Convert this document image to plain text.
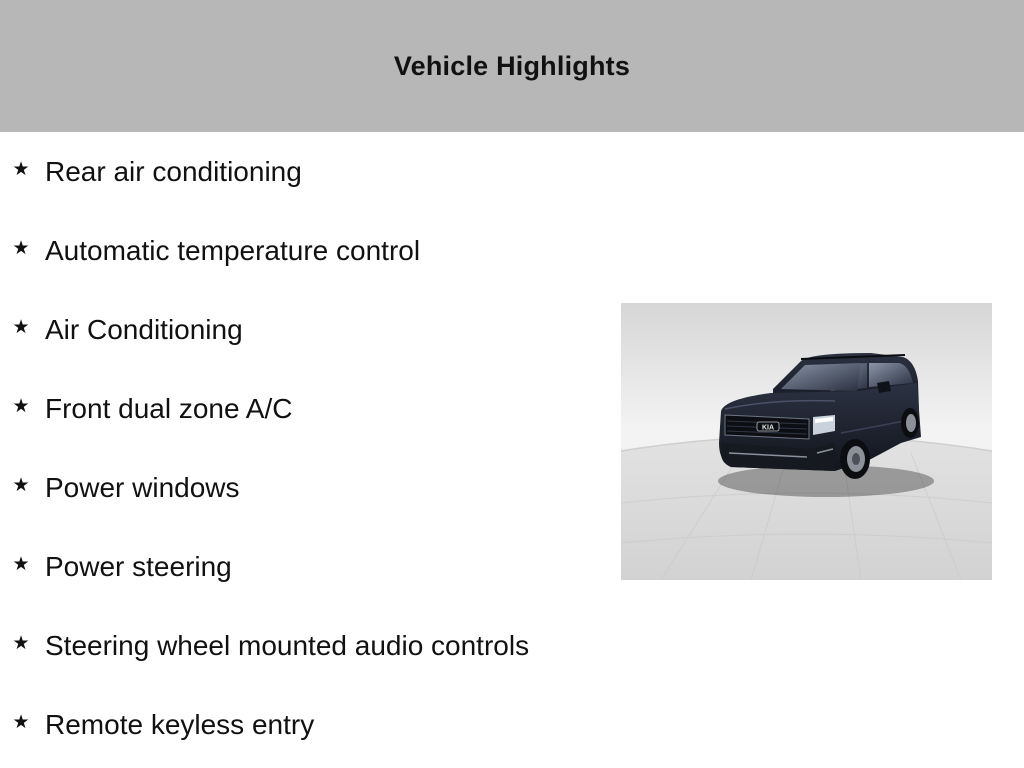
Vehicle Highlights
★ Rear air conditioning
★ Automatic temperature control
★ Air Conditioning
★ Front dual zone A/C
★ Power windows
★ Power steering
★ Steering wheel mounted audio controls
★ Remote keyless entry
KIA
